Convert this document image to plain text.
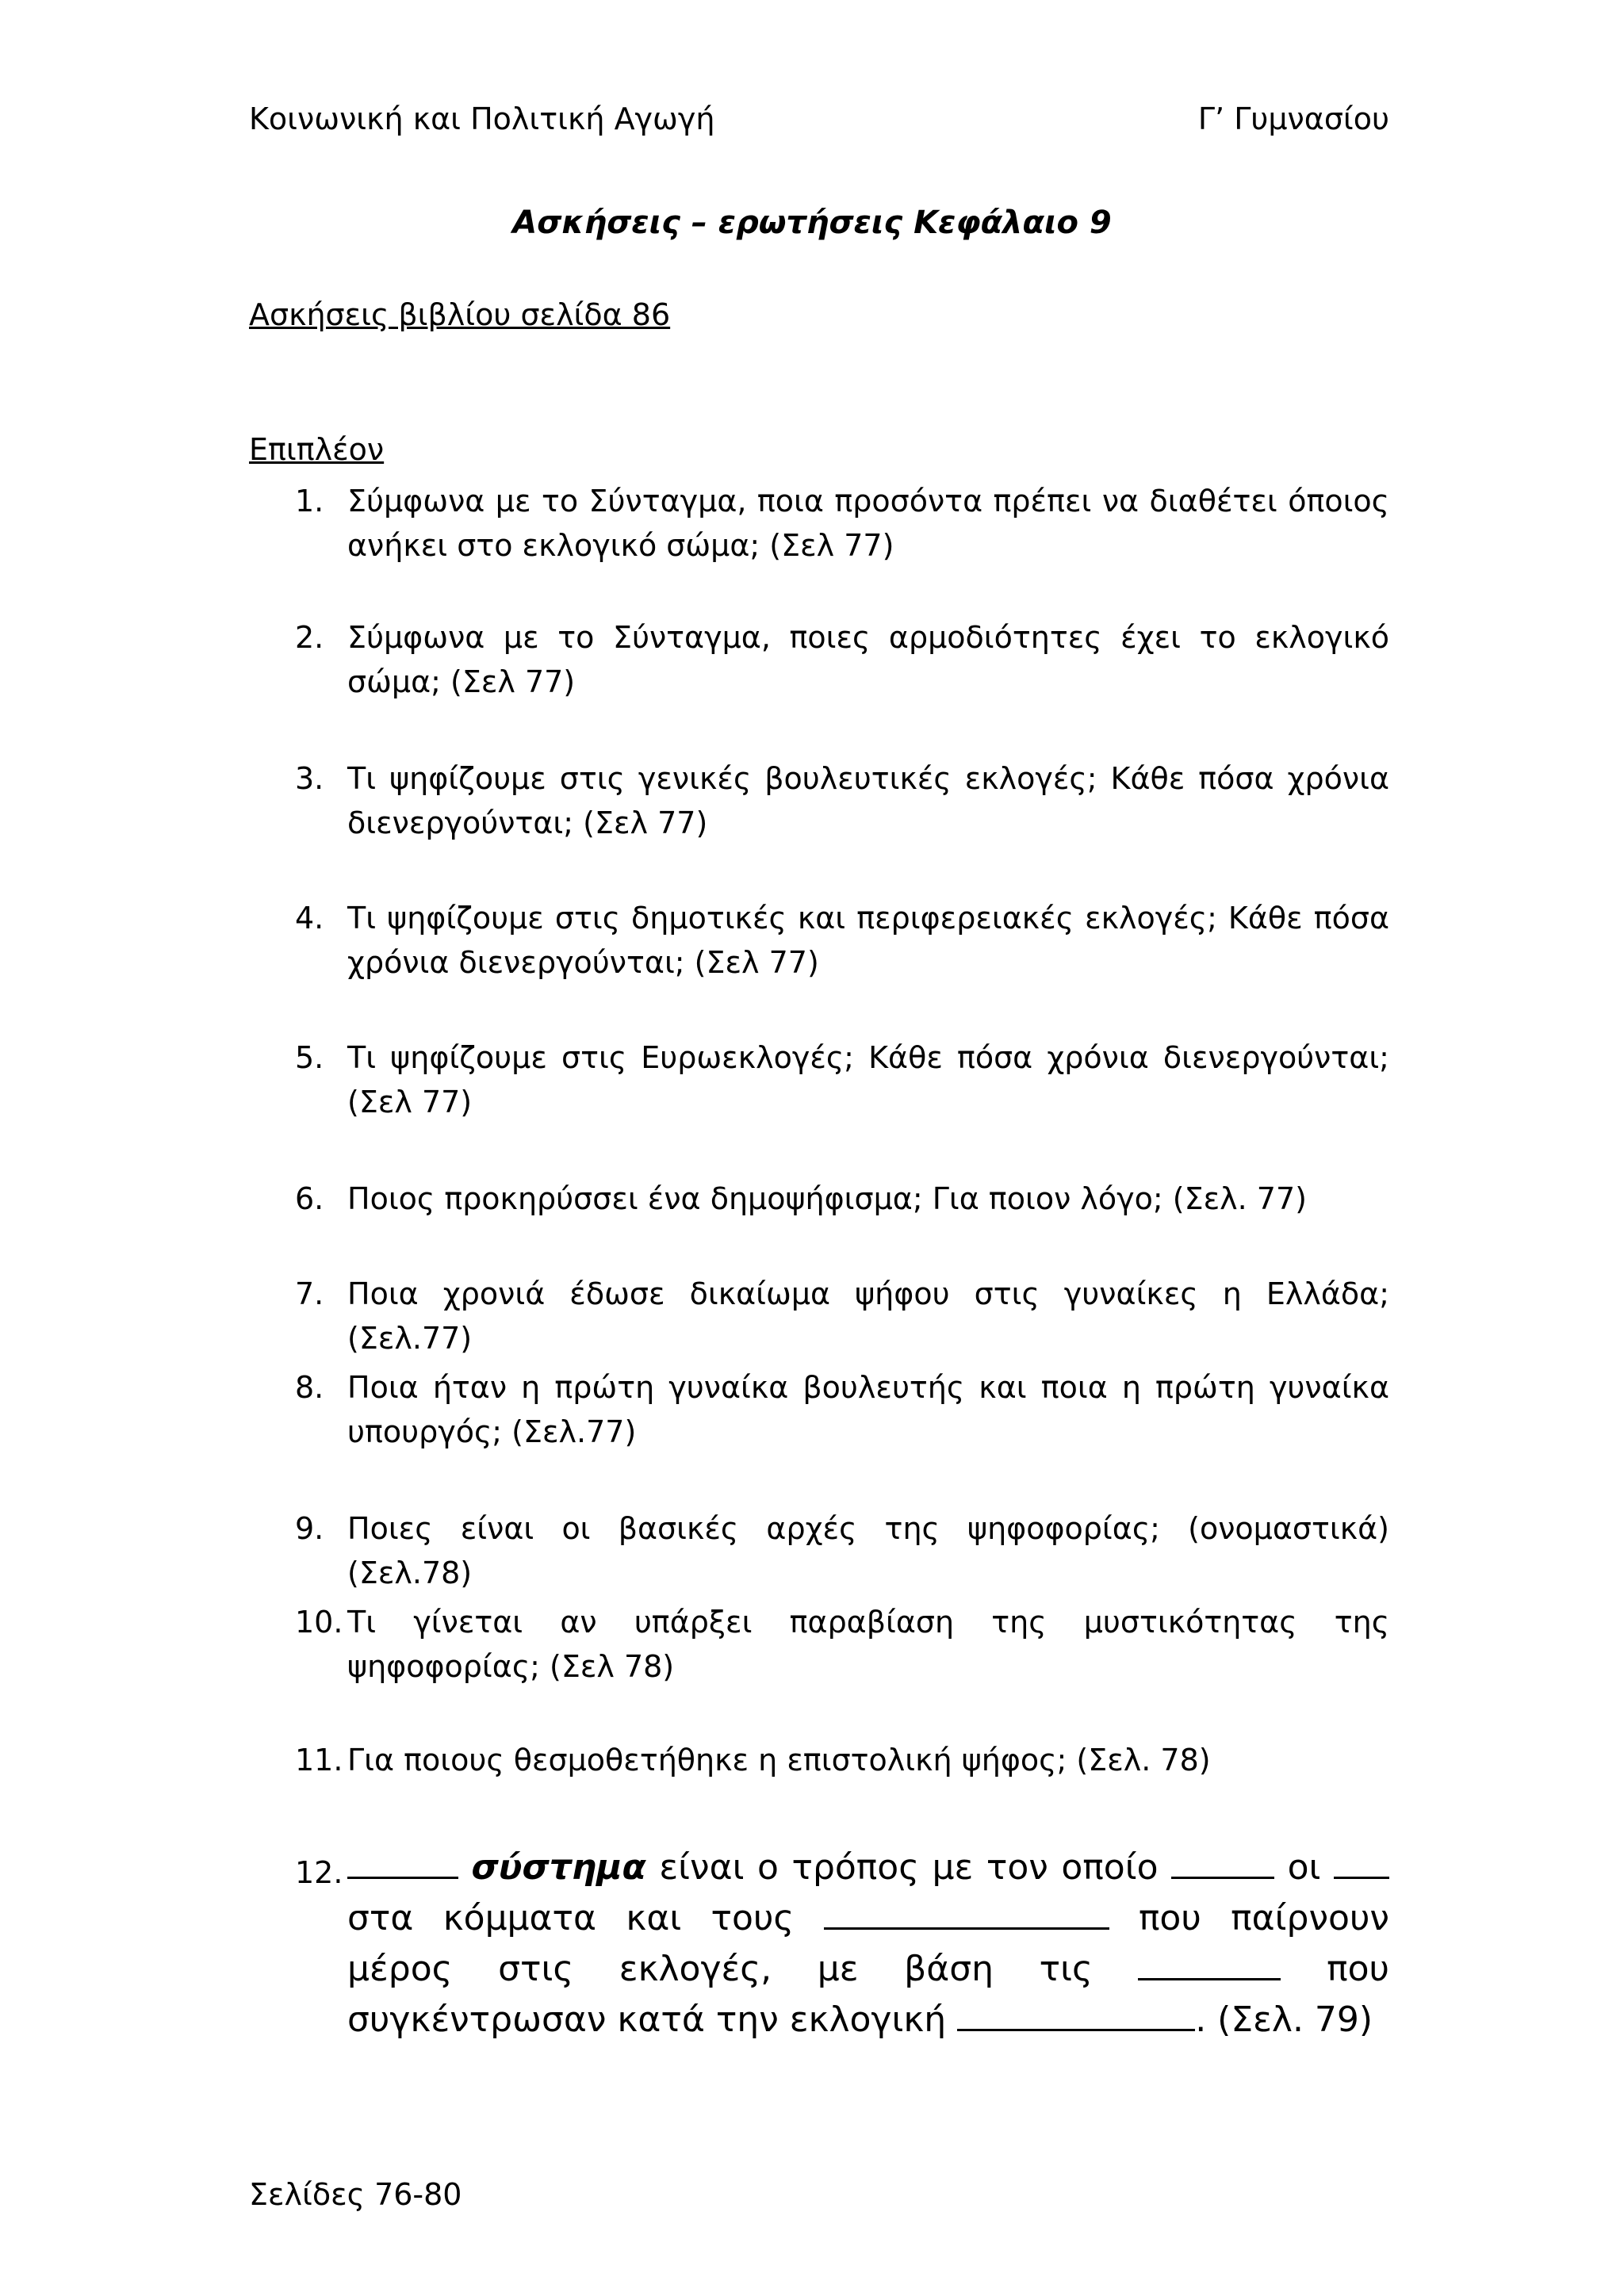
Κοινωνική και Πολιτική Αγωγή	Γ’ Γυμνασίου
Ασκήσεις – ερωτήσεις Κεφάλαιο 9
Ασκήσεις βιβλίου σελίδα 86
Επιπλέον
1. Σύμφωνα με το Σύνταγμα, ποια προσόντα πρέπει να διαθέτει όποιος ανήκει στο εκλογικό σώμα; (Σελ 77)
2. Σύμφωνα με το Σύνταγμα, ποιες αρμοδιότητες έχει το εκλογικό σώμα; (Σελ 77)
3. Τι ψηφίζουμε στις γενικές βουλευτικές εκλογές; Κάθε πόσα χρόνια διενεργούνται; (Σελ 77)
4. Τι ψηφίζουμε στις δημοτικές και περιφερειακές εκλογές; Κάθε πόσα χρόνια διενεργούνται; (Σελ 77)
5. Τι ψηφίζουμε στις Ευρωεκλογές; Κάθε πόσα χρόνια διενεργούνται; (Σελ 77)
6. Ποιος προκηρύσσει ένα δημοψήφισμα; Για ποιον λόγο; (Σελ. 77)
7. Ποια χρονιά έδωσε δικαίωμα ψήφου στις γυναίκες η Ελλάδα; (Σελ.77)
8. Ποια ήταν η πρώτη γυναίκα βουλευτής και ποια η πρώτη γυναίκα υπουργός; (Σελ.77)
9. Ποιες είναι οι βασικές αρχές της ψηφοφορίας; (ονομαστικά) (Σελ.78)
10. Τι γίνεται αν υπάρξει παραβίαση της μυστικότητας της ψηφοφορίας; (Σελ 78)
11. Για ποιους θεσμοθετήθηκε η επιστολική ψήφος; (Σελ. 78)
12.	σύστημα είναι ο τρόπος με τον οποίο	οι  στα κόμματα και τους	που παίρνουν μέρος στις εκλογές, με βάση τις	που συγκέντρωσαν κατά την εκλογική	. (Σελ. 79)
Σελίδες 76-80
